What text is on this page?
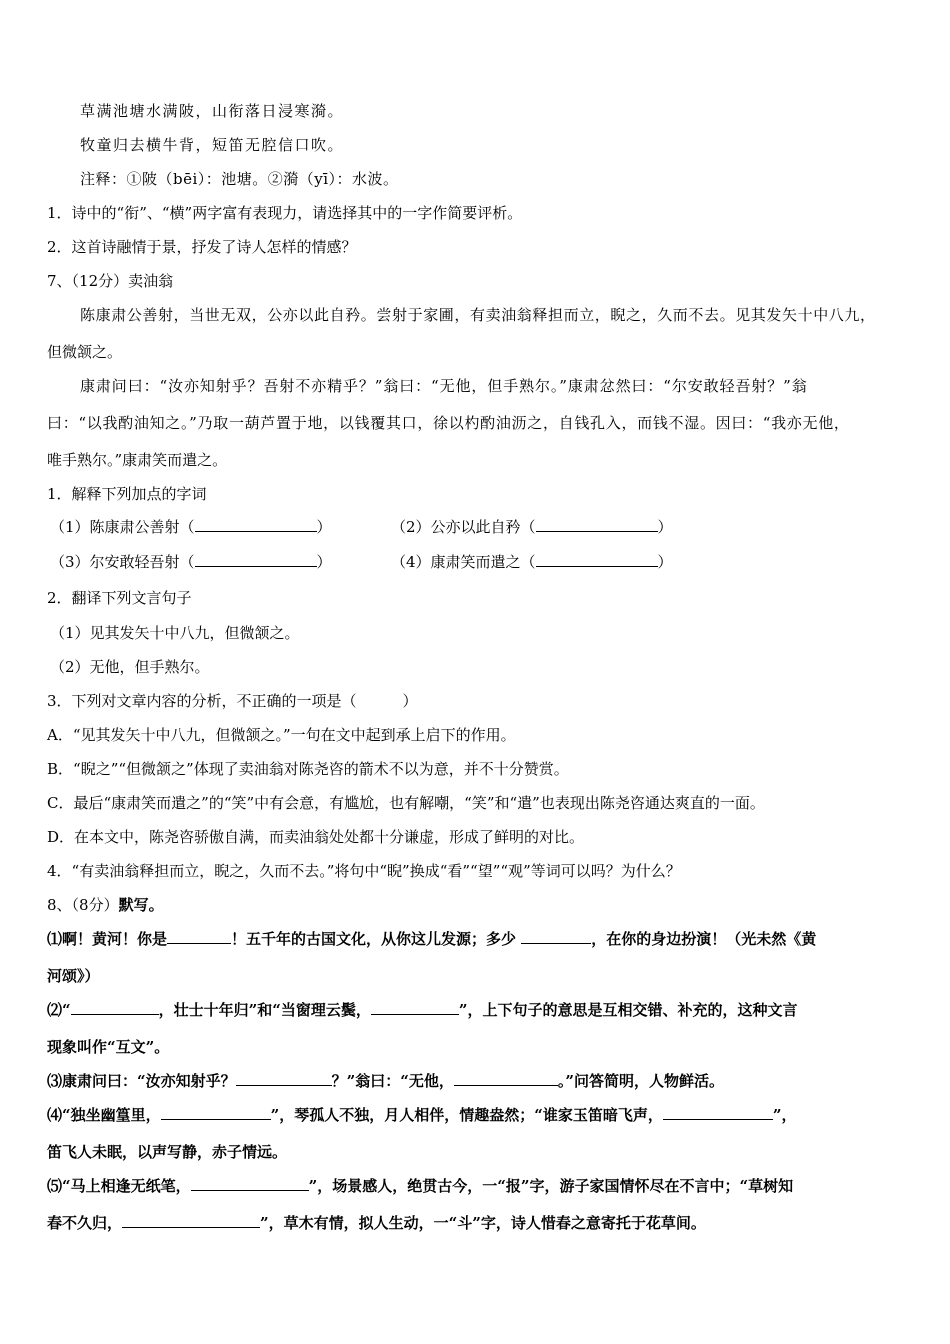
草满池塘水满陂，山衔落日浸寒漪。
牧童归去横牛背，短笛无腔信口吹。
注释：①陂（bēi）：池塘。②漪（yī）：水波。
1．诗中的“衔”、“横”两字富有表现力，请选择其中的一字作简要评析。
2．这首诗融情于景，抒发了诗人怎样的情感？
7、（12分）卖油翁
陈康肃公善射，当世无双，公亦以此自矜。尝射于家圃，有卖油翁释担而立，睨之，久而不去。见其发矢十中八九，
但微颔之。
康肃问曰：“汝亦知射乎？吾射不亦精乎？”翁曰：“无他，但手熟尔。”康肃忿然曰：“尔安敢轻吾射？”翁
曰：“以我酌油知之。”乃取一葫芦置于地，以钱覆其口，徐以杓酌油沥之，自钱孔入，而钱不湿。因曰：“我亦无他，
唯手熟尔。”康肃笑而遣之。
1．解释下列加点的字词
（1）陈康肃公善射（	）	（2）公亦以此自矜（	）
（3）尔安敢轻吾射（	）	（4）康肃笑而遣之（	）
2．翻译下列文言句子
（1）见其发矢十中八九，但微颔之。
（2）无他，但手熟尔。
3．下列对文章内容的分析，不正确的一项是（	）
A．“见其发矢十中八九，但微颔之。”一句在文中起到承上启下的作用。
B．“睨之”“但微颔之”体现了卖油翁对陈尧咨的箭术不以为意，并不十分赞赏。
C．最后“康肃笑而遣之”的“笑”中有会意，有尴尬，也有解嘲，“笑”和“遣”也表现出陈尧咨通达爽直的一面。
D．在本文中，陈尧咨骄傲自满，而卖油翁处处都十分谦虚，形成了鲜明的对比。
4．“有卖油翁释担而立，睨之，久而不去。”将句中“睨”换成“看”“望”“观”等词可以吗？为什么？
8、（8分）默写。
⑴啊！黄河！你是	！五千年的古国文化，从你这儿发源；多少	，在你的身边扮演！（光未然《黄
河颂》）
⑵“	，壮士十年归”和“当窗理云鬓，	”，上下句子的意思是互相交错、补充的，这种文言
现象叫作“互文”。
⑶康肃问曰：“汝亦知射乎？	？”翁曰：“无他，	。”问答简明，人物鲜活。
⑷“独坐幽篁里，	”，琴孤人不独，月人相伴，情趣盎然；“谁家玉笛暗飞声，	”，
笛飞人未眠，以声写静，赤子情远。
⑸“马上相逢无纸笔，	”，场景感人，绝贯古今，一“报”字，游子家国情怀尽在不言中；“草树知
春不久归，	”，草木有情，拟人生动，一“斗”字，诗人惜春之意寄托于花草间。
